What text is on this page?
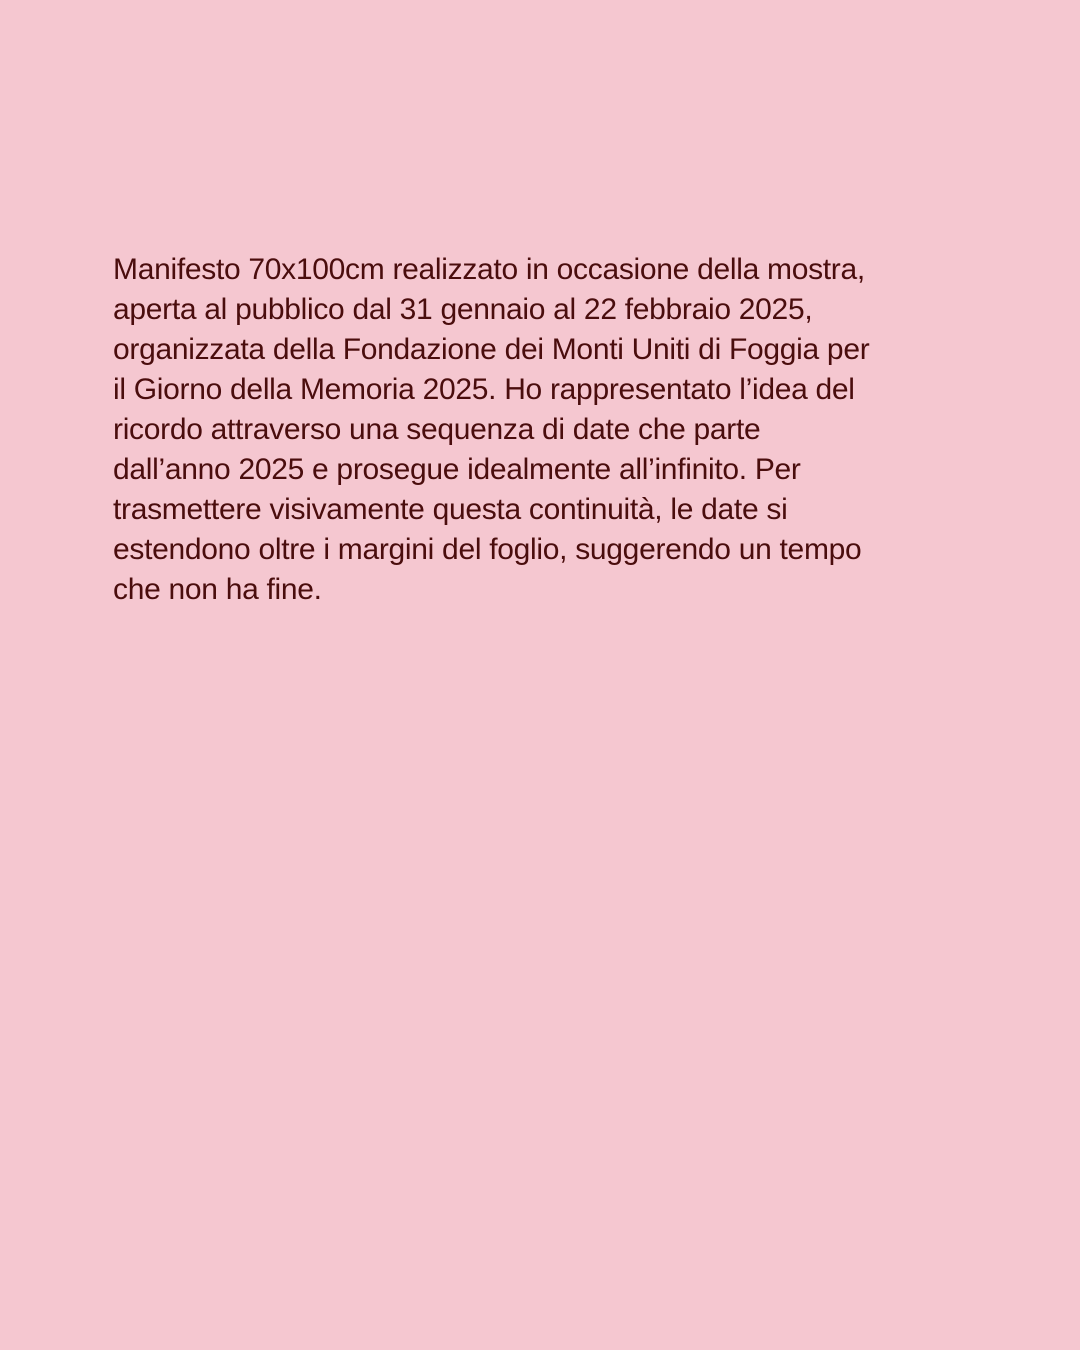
Manifesto 70x100cm realizzato in occasione della mostra,
aperta al pubblico dal 31 gennaio al 22 febbraio 2025,
organizzata della Fondazione dei Monti Uniti di Foggia per
il Giorno della Memoria 2025. Ho rappresentato l’idea del
ricordo attraverso una sequenza di date che parte
dall’anno 2025 e prosegue idealmente all’infinito. Per
trasmettere visivamente questa continuità, le date si
estendono oltre i margini del foglio, suggerendo un tempo
che non ha fine.
